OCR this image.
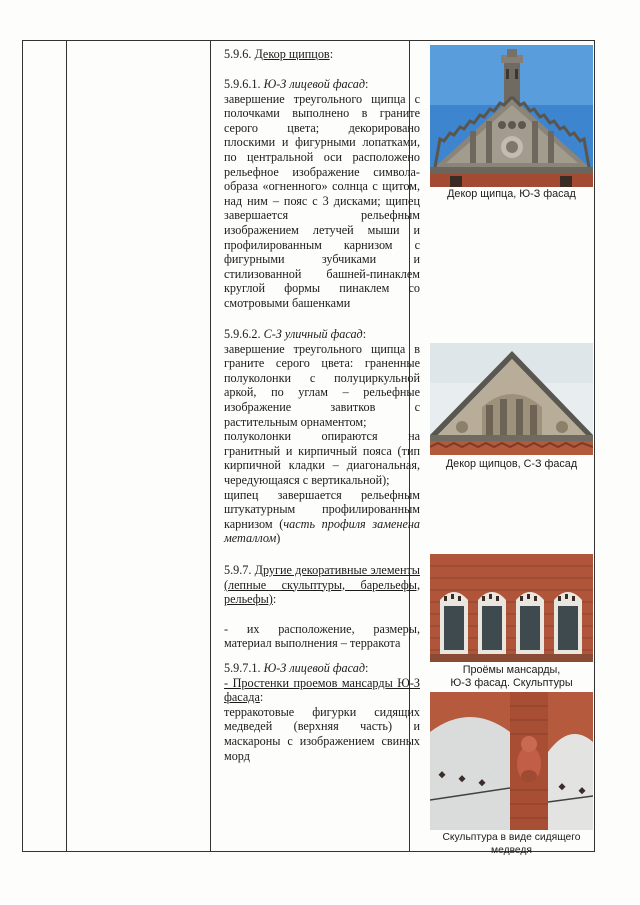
5.9.6. Декор щипцов:

5.9.6.1. Ю-З лицевой фасад:

завершение треугольного щипца с полочками выполнено в граните серого цвета; декорировано плоскими и фигурными лопатками, по центральной оси расположено рельефное изображение символа-образа «огненного» солнца с щитом, над ним – пояс с 3 дисками; щипец завершается рельефным изображением летучей мыши и профилированным карнизом с фигурными зубчиками и стилизованной башней-пинаклем круглой формы пинаклем со смотровыми башенками

5.9.6.2. С-З уличный фасад:

завершение треугольного щипца в граните серого цвета: граненные полуколонки с полуциркульной аркой, по углам – рельефные изображение завитков с растительным орнаментом;

полуколонки опираются на гранитный и кирпичный пояса (тип кирпичной кладки – диагональная, чередующаяся с вертикальной);

щипец завершается рельефным штукатурным профилированным карнизом (часть профиля заменена металлом)

5.9.7. Другие декоративные элементы (лепные скульптуры, барельефы, рельефы):

- их расположение, размеры, материал выполнения – терракота

5.9.7.1. Ю-З лицевой фасад:

- Простенки проемов мансарды Ю-З фасада:

терракотовые фигурки сидящих медведей (верхняя часть) и маскароны с изображением свиных морд

Декор щипца, Ю-З фасад
Декор щипцов, С-З фасад
Проёмы мансарды,
Ю-З фасад. Скульптуры
Скульптура в виде сидящего медведя
